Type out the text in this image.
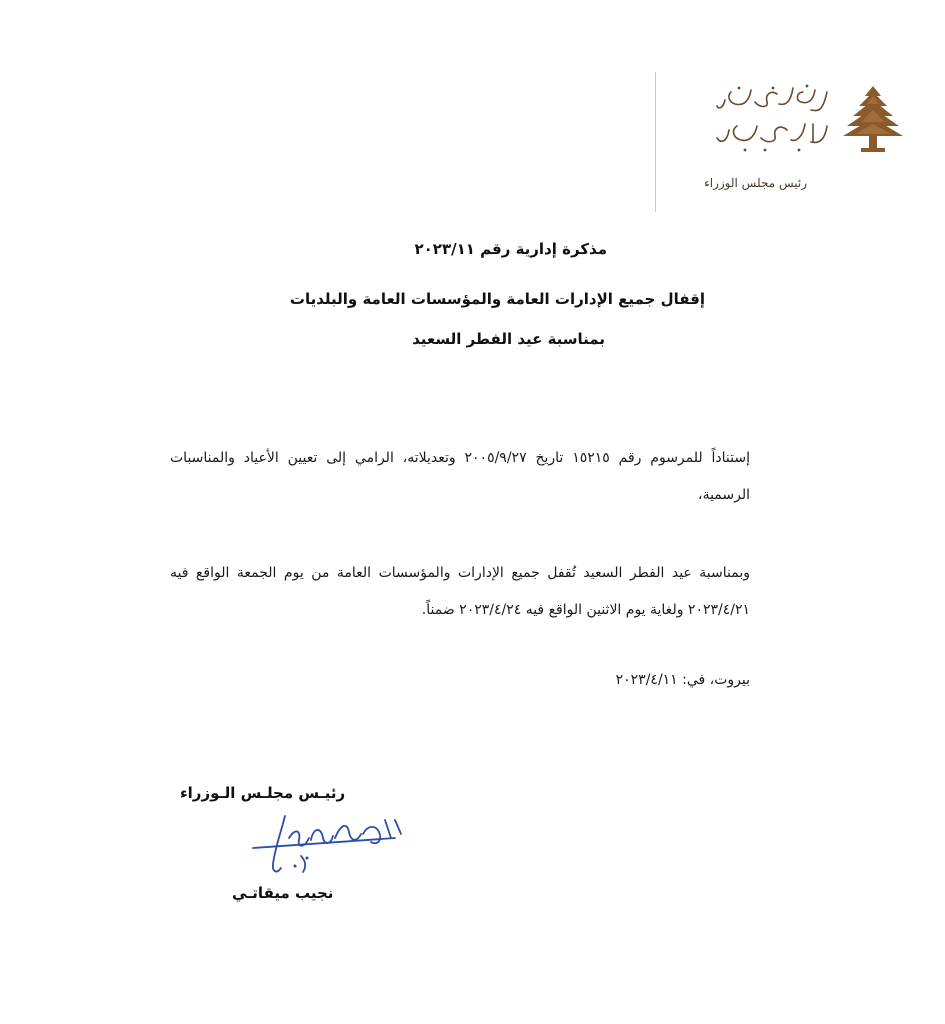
رئيس مجلس الوزراء
مذكرة إدارية رقم ٢٠٢٣/١١
إقفال جميع الإدارات العامة والمؤسسات العامة والبلديات
بمناسبة عيد الفطر السعيد
إستناداً للمرسوم رقم ١٥٢١٥ تاريخ ٢٠٠٥/٩/٢٧ وتعديلاته، الرامي إلى تعيين الأعياد والمناسبات الرسمية،
وبمناسبة عيد الفطر السعيد تُقفل جميع الإدارات والمؤسسات العامة من يوم الجمعة الواقع فيه ٢٠٢٣/٤/٢١ ولغاية يوم الاثنين الواقع فيه ٢٠٢٣/٤/٢٤ ضمناً.
بيروت، في: ٢٠٢٣/٤/١١
رئيـس مجلـس الـوزراء
نجيب ميقاتـي
